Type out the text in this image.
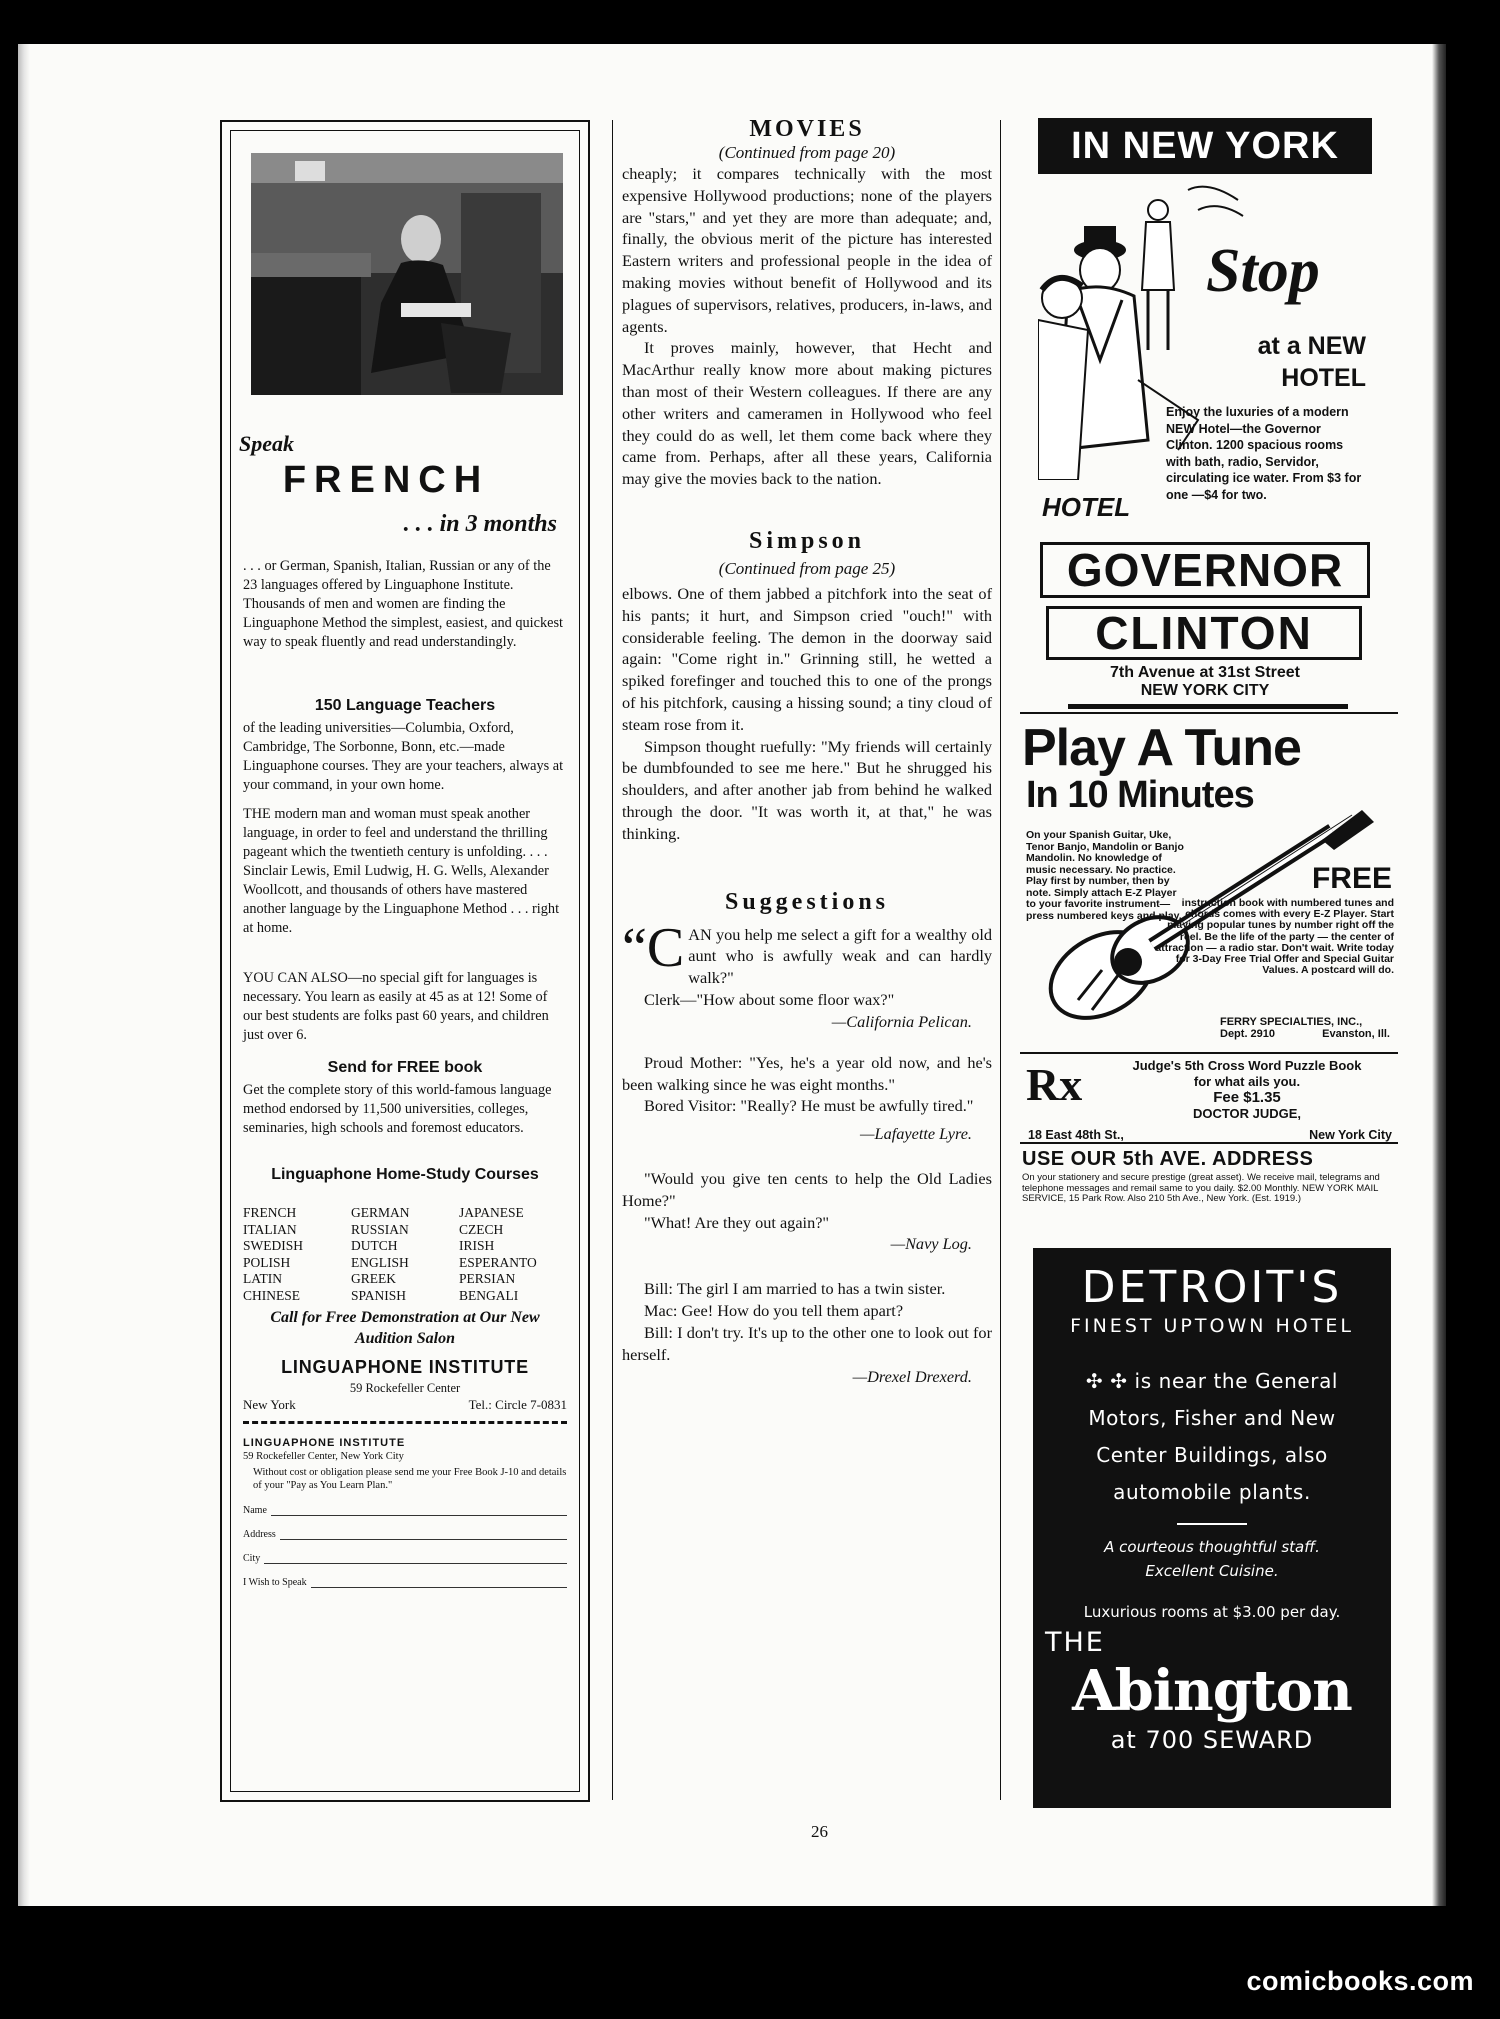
Speak
FRENCH
. . . in 3 months
. . . or German, Spanish, Italian, Russian or any of the 23 languages offered by Linguaphone Institute. Thousands of men and women are finding the Linguaphone Method the simplest, easiest, and quickest way to speak fluently and read understandingly.
150 Language Teachers
of the leading universities—Columbia, Oxford, Cambridge, The Sorbonne, Bonn, etc.—made Linguaphone courses. They are your teachers, always at your command, in your own home.
THE modern man and woman must speak another language, in order to feel and understand the thrilling pageant which the twentieth century is unfolding. . . . Sinclair Lewis, Emil Ludwig, H. G. Wells, Alexander Woollcott, and thousands of others have mastered another language by the Linguaphone Method . . . right at home.
YOU CAN ALSO—no special gift for languages is necessary. You learn as easily at 45 as at 12! Some of our best students are folks past 60 years, and children just over 6.
Send for FREE book
Get the complete story of this world-famous language method endorsed by 11,500 universities, colleges, seminaries, high schools and foremost educators.
Linguaphone Home-Study Courses
FRENCH	GERMAN	JAPANESE
ITALIAN	RUSSIAN	CZECH
SWEDISH	DUTCH	IRISH
POLISH	ENGLISH	ESPERANTO
LATIN	GREEK	PERSIAN
CHINESE	SPANISH	BENGALI
Call for Free Demonstration at Our New Audition Salon
LINGUAPHONE INSTITUTE
59 Rockefeller Center
New York	Tel.: Circle 7-0831
LINGUAPHONE INSTITUTE
59 Rockefeller Center, New York City
Without cost or obligation please send me your Free Book J-10 and details of your "Pay as You Learn Plan."
Name
Address
City
I Wish to Speak
MOVIES
(Continued from page 20)

cheaply; it compares technically with the most expensive Hollywood productions; none of the players are "stars," and yet they are more than adequate; and, finally, the obvious merit of the picture has interested Eastern writers and professional people in the idea of making movies without benefit of Hollywood and its plagues of supervisors, relatives, producers, in-laws, and agents.

It proves mainly, however, that Hecht and MacArthur really know more about making pictures than most of their Western colleagues. If there are any other writers and cameramen in Hollywood who feel they could do as well, let them come back where they came from. Perhaps, after all these years, California may give the movies back to the nation.

Simpson
(Continued from page 25)

elbows. One of them jabbed a pitchfork into the seat of his pants; it hurt, and Simpson cried "ouch!" with considerable feeling. The demon in the doorway said again: "Come right in." Grinning still, he wetted a spiked forefinger and touched this to one of the prongs of his pitchfork, causing a hissing sound; a tiny cloud of steam rose from it.

Simpson thought ruefully: "My friends will certainly be dumbfounded to see me here." But he shrugged his shoulders, and after another jab from behind he walked through the door. "It was worth it, at that," he was thinking.

Suggestions

“CAN you help me select a gift for a wealthy old aunt who is awfully weak and can hardly walk?"

Clerk—"How about some floor wax?"

—California Pelican.

Proud Mother: "Yes, he's a year old now, and he's been walking since he was eight months."

Bored Visitor: "Really? He must be awfully tired."

—Lafayette Lyre.

"Would you give ten cents to help the Old Ladies Home?"

"What! Are they out again?"

—Navy Log.

Bill: The girl I am married to has a twin sister.

Mac: Gee! How do you tell them apart?

Bill: I don't try. It's up to the other one to look out for herself.

—Drexel Drexerd.
IN NEW YORK
Stop
at a NEW
HOTEL
Enjoy the luxuries of a modern NEW Hotel—the Governor Clinton. 1200 spacious rooms with bath, radio, Servidor, circulating ice water. From $3 for one —$4 for two.
HOTEL
GOVERNOR
CLINTON
7th Avenue at 31st Street
NEW YORK CITY
Play A Tune
In 10 Minutes
On your Spanish Guitar, Uke, Tenor Banjo, Mandolin or Banjo Mandolin. No knowledge of music necessary. No practice. Play first by number, then by note. Simply attach E-Z Player to your favorite instrument—press numbered keys and play.
FREE
instruction book with numbered tunes and chords comes with every E-Z Player. Start playing popular tunes by number right off the reel. Be the life of the party — the center of attraction — a radio star. Don't wait. Write today for 3-Day Free Trial Offer and Special Guitar Values. A postcard will do.
FERRY SPECIALTIES, INC.,
Dept. 2910	Evanston, Ill.
Rx	Judge's 5th Cross Word Puzzle Book
for what ails you.
Fee $1.35
DOCTOR JUDGE,
18 East 48th St.,	New York City
USE OUR 5th AVE. ADDRESS
On your stationery and secure prestige (great asset). We receive mail, telegrams and telephone messages and remail same to you daily. $2.00 Monthly. NEW YORK MAIL SERVICE, 15 Park Row. Also 210 5th Ave., New York. (Est. 1919.)
DETROIT'S
FINEST UPTOWN HOTEL
✣ ✣ is near the General
Motors, Fisher and New
Center Buildings, also
automobile plants.
A courteous thoughtful staff.
Excellent Cuisine.
Luxurious rooms at $3.00 per day.
THE
Abington
at 700 SEWARD
26
comicbooks.com
